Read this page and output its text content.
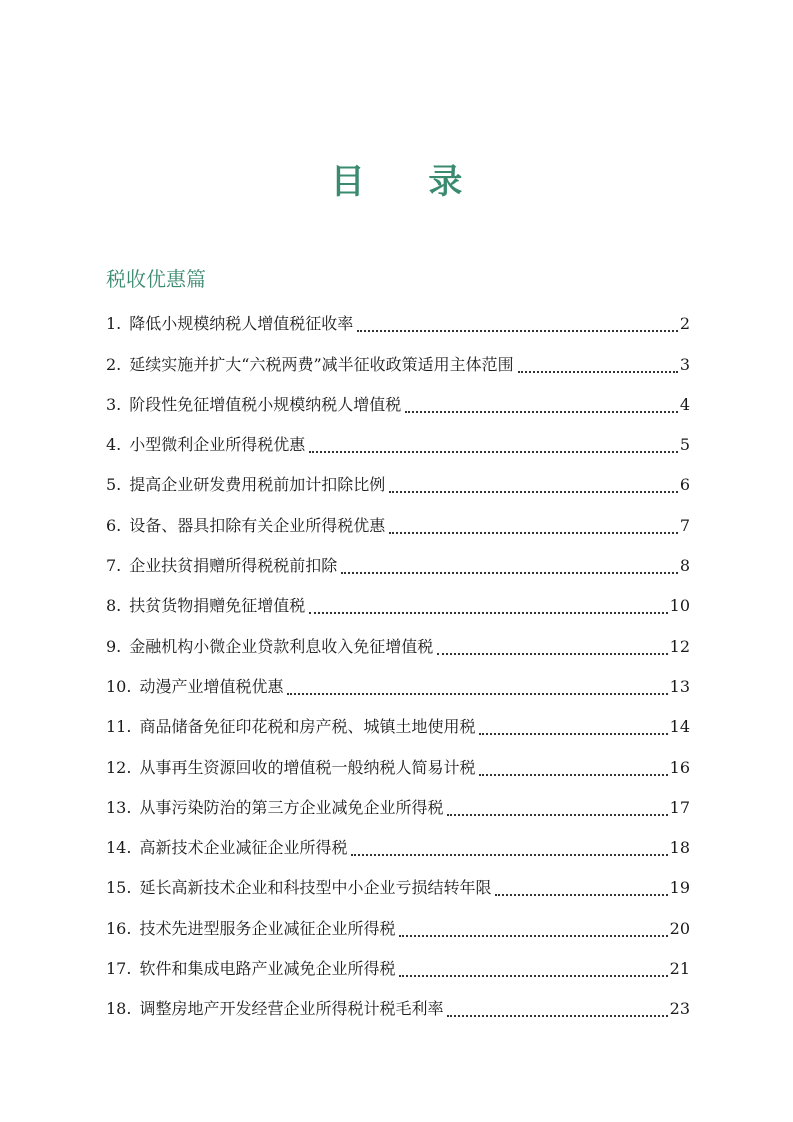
目 录
税收优惠篇
1. 降低小规模纳税人增值税征收率	2
2. 延续实施并扩大“六税两费”减半征收政策适用主体范围	3
3. 阶段性免征增值税小规模纳税人增值税	4
4. 小型微利企业所得税优惠	5
5. 提高企业研发费用税前加计扣除比例	6
6. 设备、器具扣除有关企业所得税优惠	7
7. 企业扶贫捐赠所得税税前扣除	8
8. 扶贫货物捐赠免征增值税	10
9. 金融机构小微企业贷款利息收入免征增值税	12
10. 动漫产业增值税优惠	13
11. 商品储备免征印花税和房产税、城镇土地使用税	14
12. 从事再生资源回收的增值税一般纳税人简易计税	16
13. 从事污染防治的第三方企业减免企业所得税	17
14. 高新技术企业减征企业所得税	18
15. 延长高新技术企业和科技型中小企业亏损结转年限	19
16. 技术先进型服务企业减征企业所得税	20
17. 软件和集成电路产业减免企业所得税	21
18. 调整房地产开发经营企业所得税计税毛利率	23
